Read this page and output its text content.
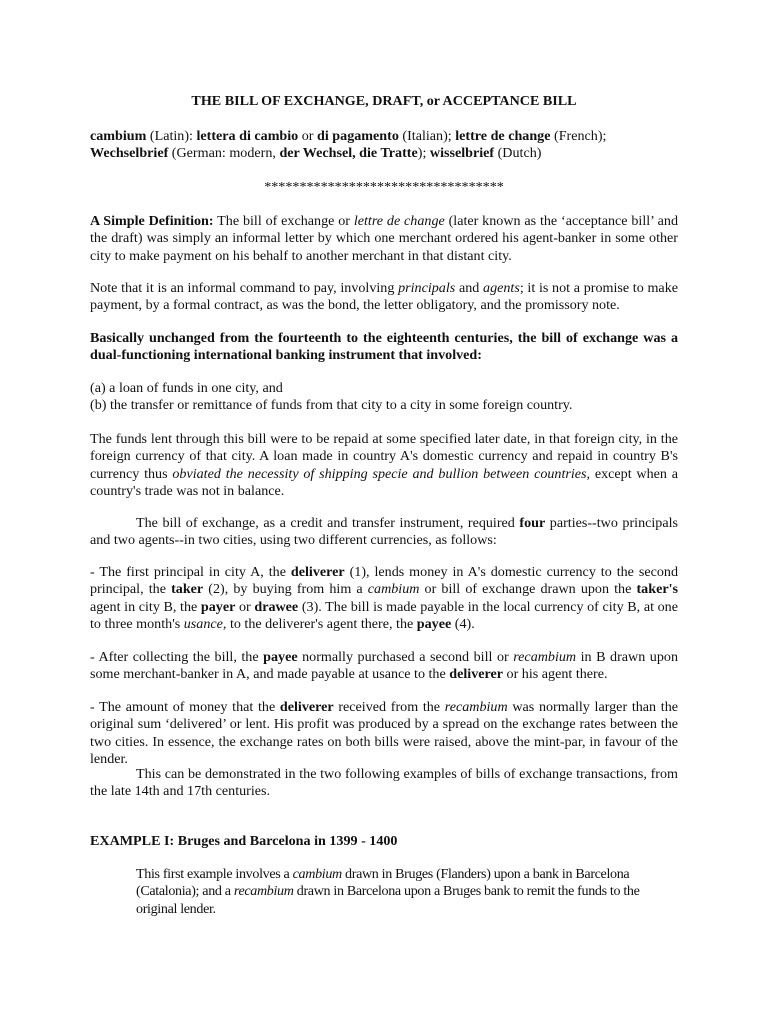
THE BILL OF EXCHANGE, DRAFT, or ACCEPTANCE BILL

cambium (Latin): lettera di cambio or di pagamento (Italian); lettre de change (French); Wechselbrief (German: modern, der Wechsel, die Tratte); wisselbrief (Dutch)

**********************************

A Simple Definition: The bill of exchange or lettre de change (later known as the ‘acceptance bill’ and the draft) was simply an informal letter by which one merchant ordered his agent-banker in some other city to make payment on his behalf to another merchant in that distant city.

Note that it is an informal command to pay, involving principals and agents; it is not a promise to make payment, by a formal contract, as was the bond, the letter obligatory, and the promissory note.

Basically unchanged from the fourteenth to the eighteenth centuries, the bill of exchange was a dual-functioning international banking instrument that involved:

(a) a loan of funds in one city, and

(b) the transfer or remittance of funds from that city to a city in some foreign country.

The funds lent through this bill were to be repaid at some specified later date, in that foreign city, in the foreign currency of that city. A loan made in country A's domestic currency and repaid in country B's currency thus obviated the necessity of shipping specie and bullion between countries, except when a country's trade was not in balance.

The bill of exchange, as a credit and transfer instrument, required four parties--two principals and two agents--in two cities, using two different currencies, as follows:

- The first principal in city A, the deliverer (1), lends money in A's domestic currency to the second principal, the taker (2), by buying from him a cambium or bill of exchange drawn upon the taker's agent in city B, the payer or drawee (3). The bill is made payable in the local currency of city B, at one to three month's usance, to the deliverer's agent there, the payee (4).

- After collecting the bill, the payee normally purchased a second bill or recambium in B drawn upon some merchant-banker in A, and made payable at usance to the deliverer or his agent there.

- The amount of money that the deliverer received from the recambium was normally larger than the original sum ‘delivered’ or lent. His profit was produced by a spread on the exchange rates between the two cities. In essence, the exchange rates on both bills were raised, above the mint-par, in favour of the lender.

This can be demonstrated in the two following examples of bills of exchange transactions, from the late 14th and 17th centuries.

EXAMPLE I: Bruges and Barcelona in 1399 - 1400

This first example involves a cambium drawn in Bruges (Flanders) upon a bank in Barcelona (Catalonia); and a recambium drawn in Barcelona upon a Bruges bank to remit the funds to the original lender.
